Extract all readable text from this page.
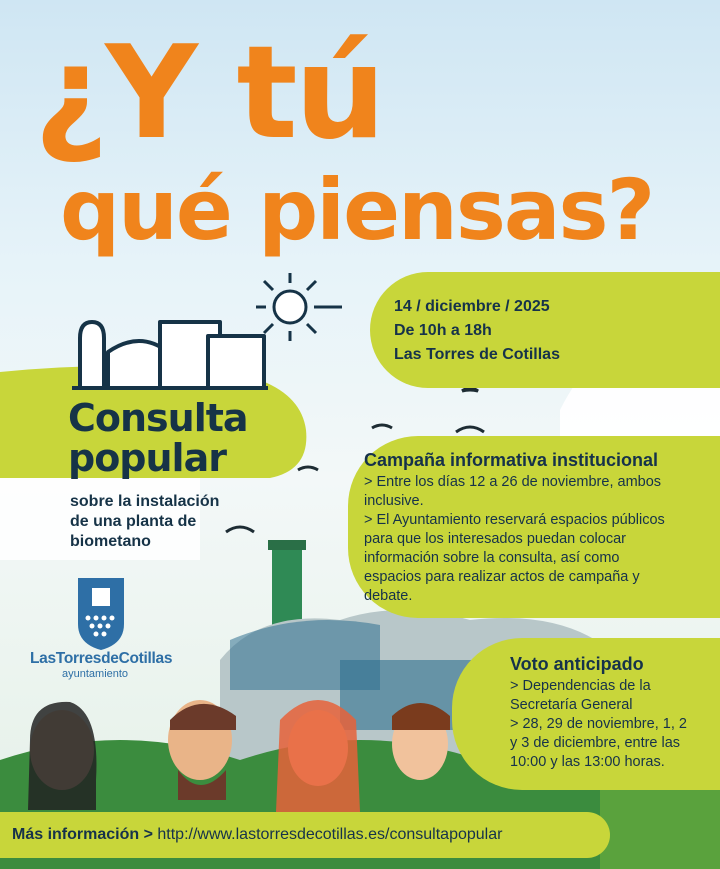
¿Y tú
qué piensas?
14 / diciembre / 2025
De 10h a 18h
Las Torres de Cotillas
Consulta
popular
sobre la instalación
de una planta de
biometano
Campaña informativa institucional

> Entre los días 12 a 26 de noviembre, ambos
inclusive.

> El Ayuntamiento reservará espacios públicos
para que los interesados puedan colocar
información sobre la consulta, así como
espacios para realizar actos de campaña y
debate.

Voto anticipado

> Dependencias de la
Secretaría General
> 28, 29 de noviembre, 1, 2
y 3 de diciembre, entre las
10:00 y las 13:00 horas.

LasTorresdeCotillas
ayuntamiento
Más información > http://www.lastorresdecotillas.es/consultapopular
